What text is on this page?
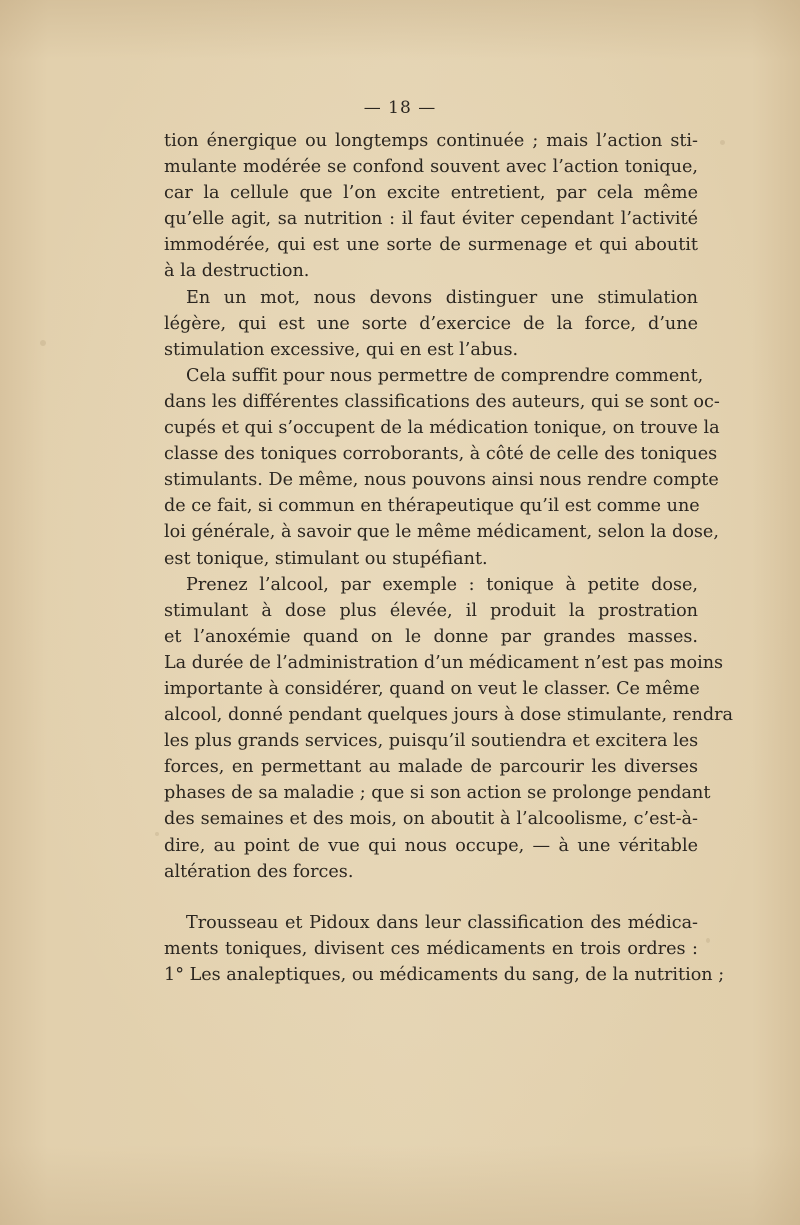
— 18 —
tion énergique ou longtemps continuée ; mais l’action sti-
mulante modérée se confond souvent avec l’action tonique,
car la cellule que l’on excite entretient, par cela même
qu’elle agit, sa nutrition : il faut éviter cependant l’activité
immodérée, qui est une sorte de surmenage et qui aboutit
à la destruction.
En un mot, nous devons distinguer une stimulation
légère, qui est une sorte d’exercice de la force, d’une
stimulation excessive, qui en est l’abus.
Cela suffit pour nous permettre de comprendre comment,
dans les différentes classifications des auteurs, qui se sont oc-
cupés et qui s’occupent de la médication tonique, on trouve la
classe des toniques corroborants, à côté de celle des toniques
stimulants. De même, nous pouvons ainsi nous rendre compte
de ce fait, si commun en thérapeutique qu’il est comme une
loi générale, à savoir que le même médicament, selon la dose,
est tonique, stimulant ou stupéfiant.
Prenez l’alcool, par exemple : tonique à petite dose,
stimulant à dose plus élevée, il produit la prostration
et l’anoxémie quand on le donne par grandes masses.
La durée de l’administration d’un médicament n’est pas moins
importante à considérer, quand on veut le classer. Ce même
alcool, donné pendant quelques jours à dose stimulante, rendra
les plus grands services, puisqu’il soutiendra et excitera les
forces, en permettant au malade de parcourir les diverses
phases de sa maladie ; que si son action se prolonge pendant
des semaines et des mois, on aboutit à l’alcoolisme, c’est-à-
dire, au point de vue qui nous occupe, — à une véritable
altération des forces.
Trousseau et Pidoux dans leur classification des médica-
ments toniques, divisent ces médicaments en trois ordres :
1° Les analeptiques, ou médicaments du sang, de la nutrition ;
